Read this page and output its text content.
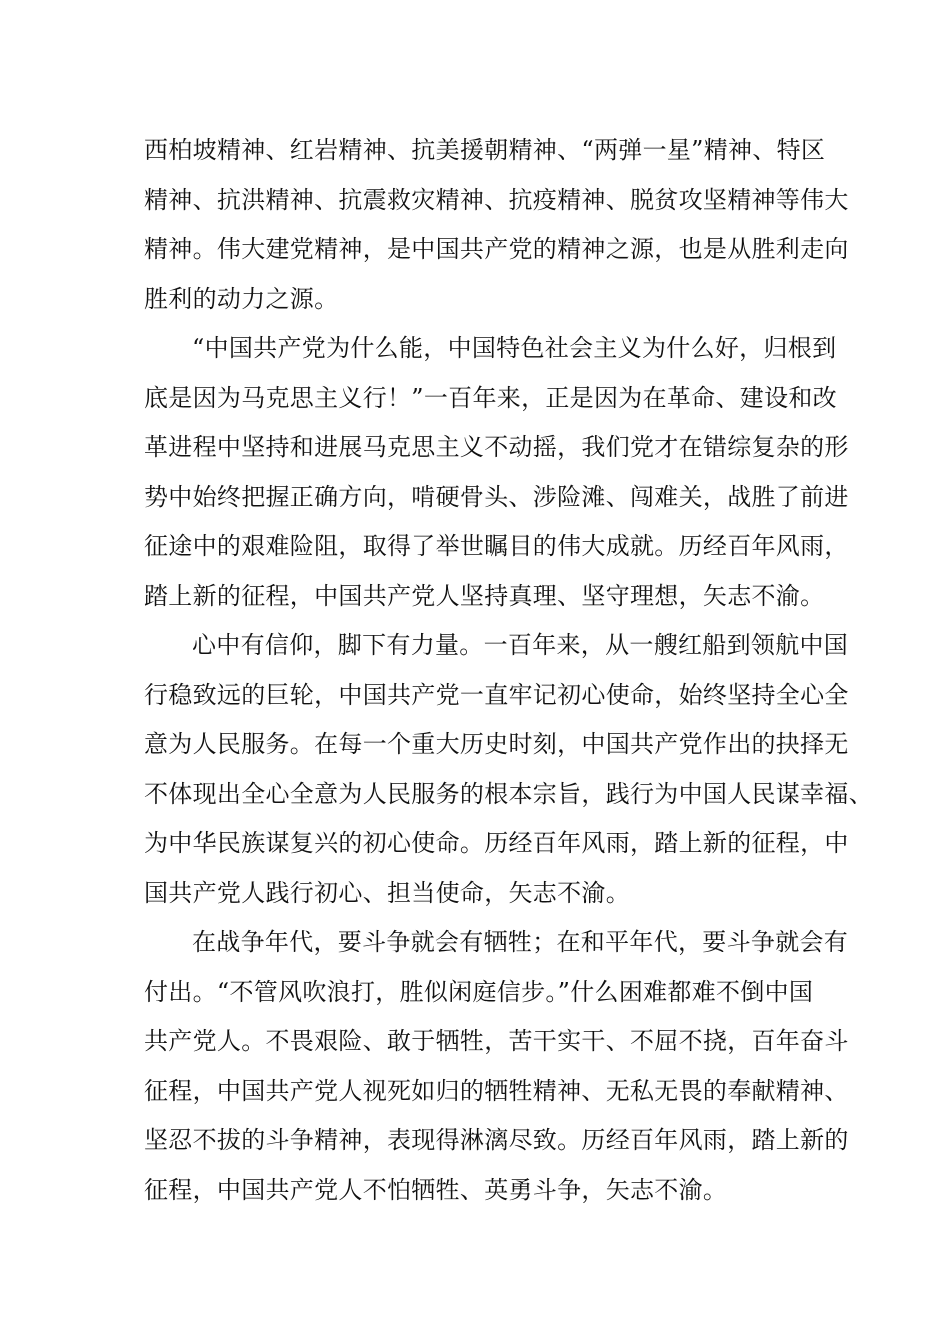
西柏坡精神、红岩精神、抗美援朝精神、“两弹一星”精神、特区
精神、抗洪精神、抗震救灾精神、抗疫精神、脱贫攻坚精神等伟大
精神。伟大建党精神，是中国共产党的精神之源，也是从胜利走向
胜利的动力之源。
“中国共产党为什么能，中国特色社会主义为什么好，归根到
底是因为马克思主义行！”一百年来，正是因为在革命、建设和改
革进程中坚持和进展马克思主义不动摇，我们党才在错综复杂的形
势中始终把握正确方向，啃硬骨头、涉险滩、闯难关，战胜了前进
征途中的艰难险阻，取得了举世瞩目的伟大成就。历经百年风雨，
踏上新的征程，中国共产党人坚持真理、坚守理想，矢志不渝。
心中有信仰，脚下有力量。一百年来，从一艘红船到领航中国
行稳致远的巨轮，中国共产党一直牢记初心使命，始终坚持全心全
意为人民服务。在每一个重大历史时刻，中国共产党作出的抉择无
不体现出全心全意为人民服务的根本宗旨，践行为中国人民谋幸福、
为中华民族谋复兴的初心使命。历经百年风雨，踏上新的征程，中
国共产党人践行初心、担当使命，矢志不渝。
在战争年代，要斗争就会有牺牲；在和平年代，要斗争就会有
付出。“不管风吹浪打，胜似闲庭信步。”什么困难都难不倒中国
共产党人。不畏艰险、敢于牺牲，苦干实干、不屈不挠，百年奋斗
征程，中国共产党人视死如归的牺牲精神、无私无畏的奉献精神、
坚忍不拔的斗争精神，表现得淋漓尽致。历经百年风雨，踏上新的
征程，中国共产党人不怕牺牲、英勇斗争，矢志不渝。
